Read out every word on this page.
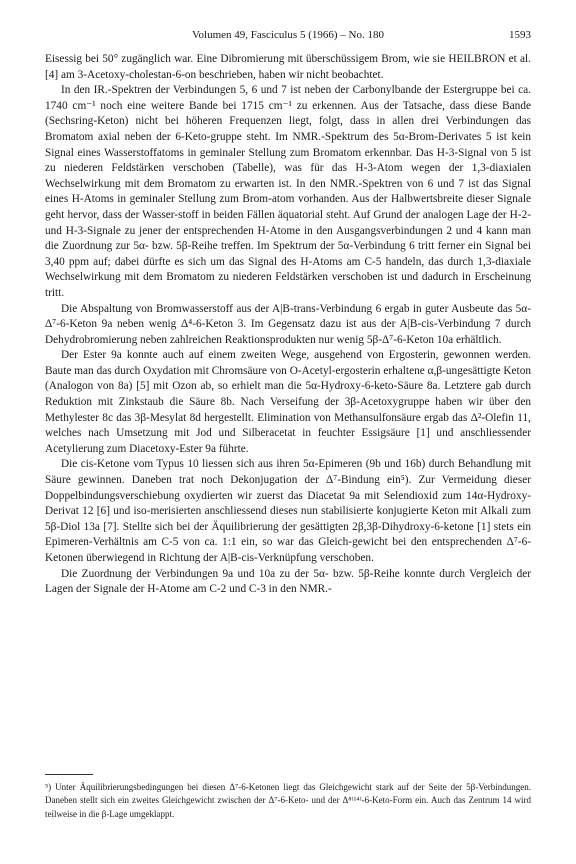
Volumen 49, Fasciculus 5 (1966) – No. 180	1593

Eisessig bei 50° zugänglich war. Eine Dibromierung mit überschüssigem Brom, wie sie HEILBRON et al. [4] am 3-Acetoxy-cholestan-6-on beschrieben, haben wir nicht beobachtet.

In den IR.-Spektren der Verbindungen 5, 6 und 7 ist neben der Carbonylbande der Estergruppe bei ca. 1740 cm⁻¹ noch eine weitere Bande bei 1715 cm⁻¹ zu erkennen. Aus der Tatsache, dass diese Bande (Sechsring-Keton) nicht bei höheren Frequenzen liegt, folgt, dass in allen drei Verbindungen das Bromatom axial neben der 6-Keto-gruppe steht. Im NMR.-Spektrum des 5α-Brom-Derivates 5 ist kein Signal eines Wasserstoffatoms in geminaler Stellung zum Bromatom erkennbar. Das H-3-Signal von 5 ist zu niederen Feldstärken verschoben (Tabelle), was für das H-3-Atom wegen der 1,3-diaxialen Wechselwirkung mit dem Bromatom zu erwarten ist. In den NMR.-Spektren von 6 und 7 ist das Signal eines H-Atoms in geminaler Stellung zum Brom-atom vorhanden. Aus der Halbwertsbreite dieser Signale geht hervor, dass der Wasser-stoff in beiden Fällen äquatorial steht. Auf Grund der analogen Lage der H-2- und H-3-Signale zu jener der entsprechenden H-Atome in den Ausgangsverbindungen 2 und 4 kann man die Zuordnung zur 5α- bzw. 5β-Reihe treffen. Im Spektrum der 5α-Verbindung 6 tritt ferner ein Signal bei 3,40 ppm auf; dabei dürfte es sich um das Signal des H-Atoms am C-5 handeln, das durch 1,3-diaxiale Wechselwirkung mit dem Bromatom zu niederen Feldstärken verschoben ist und dadurch in Erscheinung tritt.

Die Abspaltung von Bromwasserstoff aus der A|B-trans-Verbindung 6 ergab in guter Ausbeute das 5α-Δ⁷-6-Keton 9a neben wenig Δ⁴-6-Keton 3. Im Gegensatz dazu ist aus der A|B-cis-Verbindung 7 durch Dehydrobromierung neben zahlreichen Reaktionsprodukten nur wenig 5β-Δ⁷-6-Keton 10a erhältlich.

Der Ester 9a konnte auch auf einem zweiten Wege, ausgehend von Ergosterin, gewonnen werden. Baute man das durch Oxydation mit Chromsäure von O-Acetyl-ergosterin erhaltene α,β-ungesättigte Keton (Analogon von 8a) [5] mit Ozon ab, so erhielt man die 5α-Hydroxy-6-keto-Säure 8a. Letztere gab durch Reduktion mit Zinkstaub die Säure 8b. Nach Verseifung der 3β-Acetoxygruppe haben wir über den Methylester 8c das 3β-Mesylat 8d hergestellt. Elimination von Methansulfonsäure ergab das Δ²-Olefin 11, welches nach Umsetzung mit Jod und Silberacetat in feuchter Essigsäure [1] und anschliessender Acetylierung zum Diacetoxy-Ester 9a führte.

Die cis-Ketone vom Typus 10 liessen sich aus ihren 5α-Epimeren (9b und 16b) durch Behandlung mit Säure gewinnen. Daneben trat noch Dekonjugation der Δ⁷-Bindung ein⁵). Zur Vermeidung dieser Doppelbindungsverschiebung oxydierten wir zuerst das Diacetat 9a mit Selendioxid zum 14α-Hydroxy-Derivat 12 [6] und iso-merisierten anschliessend dieses nun stabilisierte konjugierte Keton mit Alkali zum 5β-Diol 13a [7]. Stellte sich bei der Äquilibrierung der gesättigten 2β,3β-Dihydroxy-6-ketone [1] stets ein Epimeren-Verhältnis am C-5 von ca. 1:1 ein, so war das Gleich-gewicht bei den entsprechenden Δ⁷-6-Ketonen überwiegend in Richtung der A|B-cis-Verknüpfung verschoben.

Die Zuordnung der Verbindungen 9a und 10a zu der 5α- bzw. 5β-Reihe konnte durch Vergleich der Lagen der Signale der H-Atome am C-2 und C-3 in den NMR.-

⁵) Unter Äquilibrierungsbedingungen bei diesen Δ⁷-6-Ketonen liegt das Gleichgewicht stark auf der Seite der 5β-Verbindungen. Daneben stellt sich ein zweites Gleichgewicht zwischen der Δ⁷-6-Keto- und der Δ⁸⁽¹⁴⁾-6-Keto-Form ein. Auch das Zentrum 14 wird teilweise in die β-Lage umgeklappt.
